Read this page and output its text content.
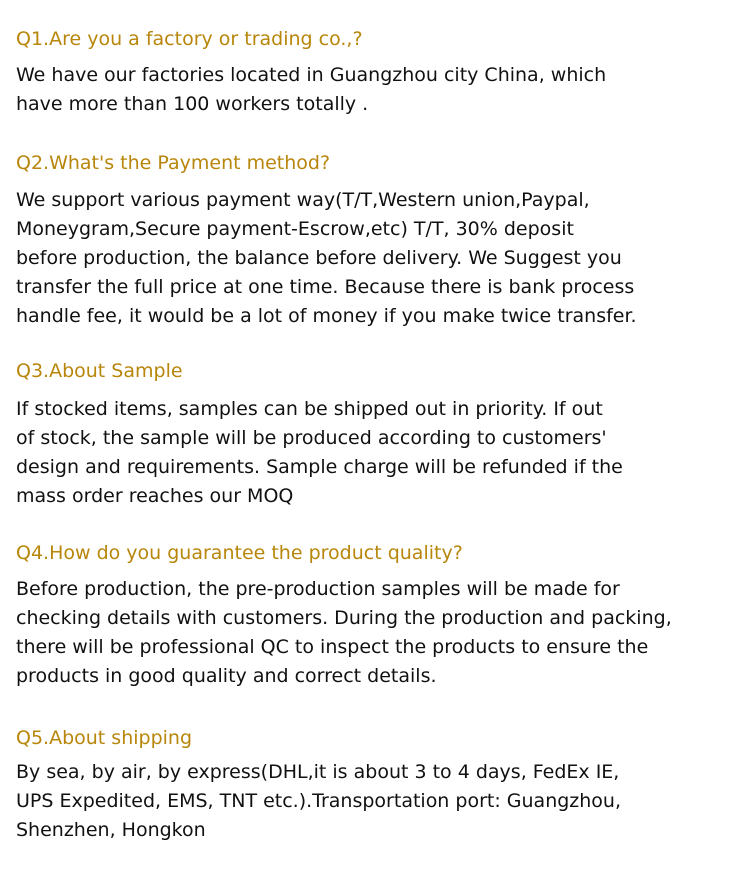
Q1.Are you a factory or trading co.,?

We have our factories located in Guangzhou city China, which
have more than 100 workers totally .

Q2.What's the Payment method?

We support various payment way(T/T,Western union,Paypal,
Moneygram,Secure payment-Escrow,etc) T/T, 30% deposit
before production, the balance before delivery. We Suggest you
transfer the full price at one time. Because there is bank process
handle fee, it would be a lot of money if you make twice transfer.

Q3.About Sample

If stocked items, samples can be shipped out in priority. If out
of stock, the sample will be produced according to customers'
design and requirements. Sample charge will be refunded if the
mass order reaches our MOQ

Q4.How do you guarantee the product quality?

Before production, the pre-production samples will be made for
checking details with customers. During the production and packing,
there will be professional QC to inspect the products to ensure the
products in good quality and correct details.

Q5.About shipping

By sea, by air, by express(DHL,it is about 3 to 4 days, FedEx IE,
UPS Expedited, EMS, TNT etc.).Transportation port: Guangzhou,
Shenzhen, Hongkon
